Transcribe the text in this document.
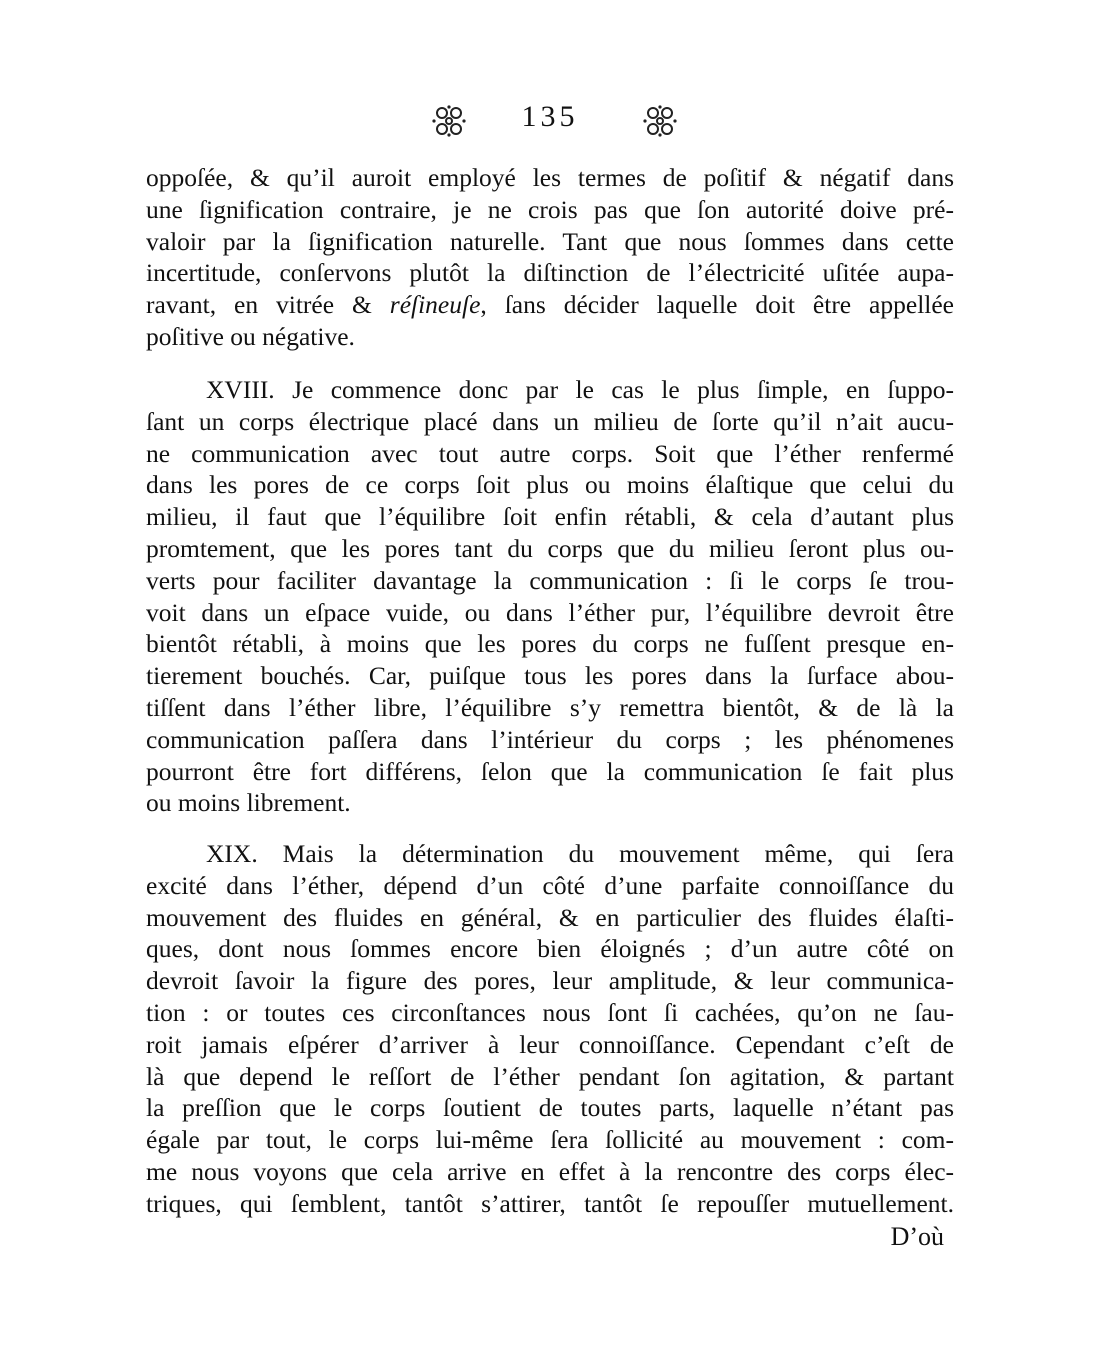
135
oppoſée, & qu’il auroit employé les termes de poſitif & négatif dans
une ſignification contraire, je ne crois pas que ſon autorité doive pré-
valoir par la ſignification naturelle. Tant que nous ſommes dans cette
incertitude, conſervons plutôt la diſtinction de l’électricité uſitée aupa-
ravant, en vitrée & réſineuſe, ſans décider laquelle doit être appellée
poſitive ou négative.
XVIII. Je commence donc par le cas le plus ſimple, en ſuppo-
ſant un corps électrique placé dans un milieu de ſorte qu’il n’ait aucu-
ne communication avec tout autre corps. Soit que l’éther renfermé
dans les pores de ce corps ſoit plus ou moins élaſtique que celui du
milieu, il faut que l’équilibre ſoit enfin rétabli, & cela d’autant plus
promtement, que les pores tant du corps que du milieu ſeront plus ou-
verts pour faciliter davantage la communication : ſi le corps ſe trou-
voit dans un eſpace vuide, ou dans l’éther pur, l’équilibre devroit être
bientôt rétabli, à moins que les pores du corps ne fuſſent presque en-
tierement bouchés. Car, puiſque tous les pores dans la ſurface abou-
tiſſent dans l’éther libre, l’équilibre s’y remettra bientôt, & de là la
communication paſſera dans l’intérieur du corps ; les phénomenes
pourront être fort différens, ſelon que la communication ſe fait plus
ou moins librement.
XIX. Mais la détermination du mouvement même, qui ſera
excité dans l’éther, dépend d’un côté d’une parfaite connoiſſance du
mouvement des fluides en général, & en particulier des fluides élaſti-
ques, dont nous ſommes encore bien éloignés ; d’un autre côté on
devroit ſavoir la figure des pores, leur amplitude, & leur communica-
tion : or toutes ces circonſtances nous ſont ſi cachées, qu’on ne ſau-
roit jamais eſpérer d’arriver à leur connoiſſance. Cependant c’eſt de
là que depend le reſſort de l’éther pendant ſon agitation, & partant
la preſſion que le corps ſoutient de toutes parts, laquelle n’étant pas
égale par tout, le corps lui-même ſera ſollicité au mouvement : com-
me nous voyons que cela arrive en effet à la rencontre des corps élec-
triques, qui ſemblent, tantôt s’attirer, tantôt ſe repouſſer mutuellement.
D’où
